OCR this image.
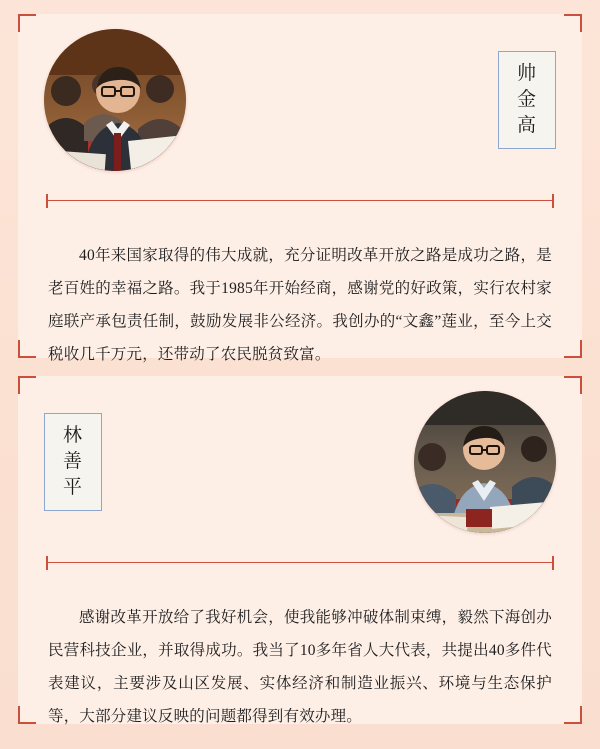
帅
金
高

40年来国家取得的伟大成就，充分证明改革开放之路是成功之路，是老百姓的幸福之路。我于1985年开始经商，感谢党的好政策，实行农村家庭联产承包责任制，鼓励发展非公经济。我创办的“文鑫”莲业，至今上交税收几千万元，还带动了农民脱贫致富。

林
善
平

感谢改革开放给了我好机会，使我能够冲破体制束缚，毅然下海创办民营科技企业，并取得成功。我当了10多年省人大代表，共提出40多件代表建议，主要涉及山区发展、实体经济和制造业振兴、环境与生态保护等，大部分建议反映的问题都得到有效办理。
